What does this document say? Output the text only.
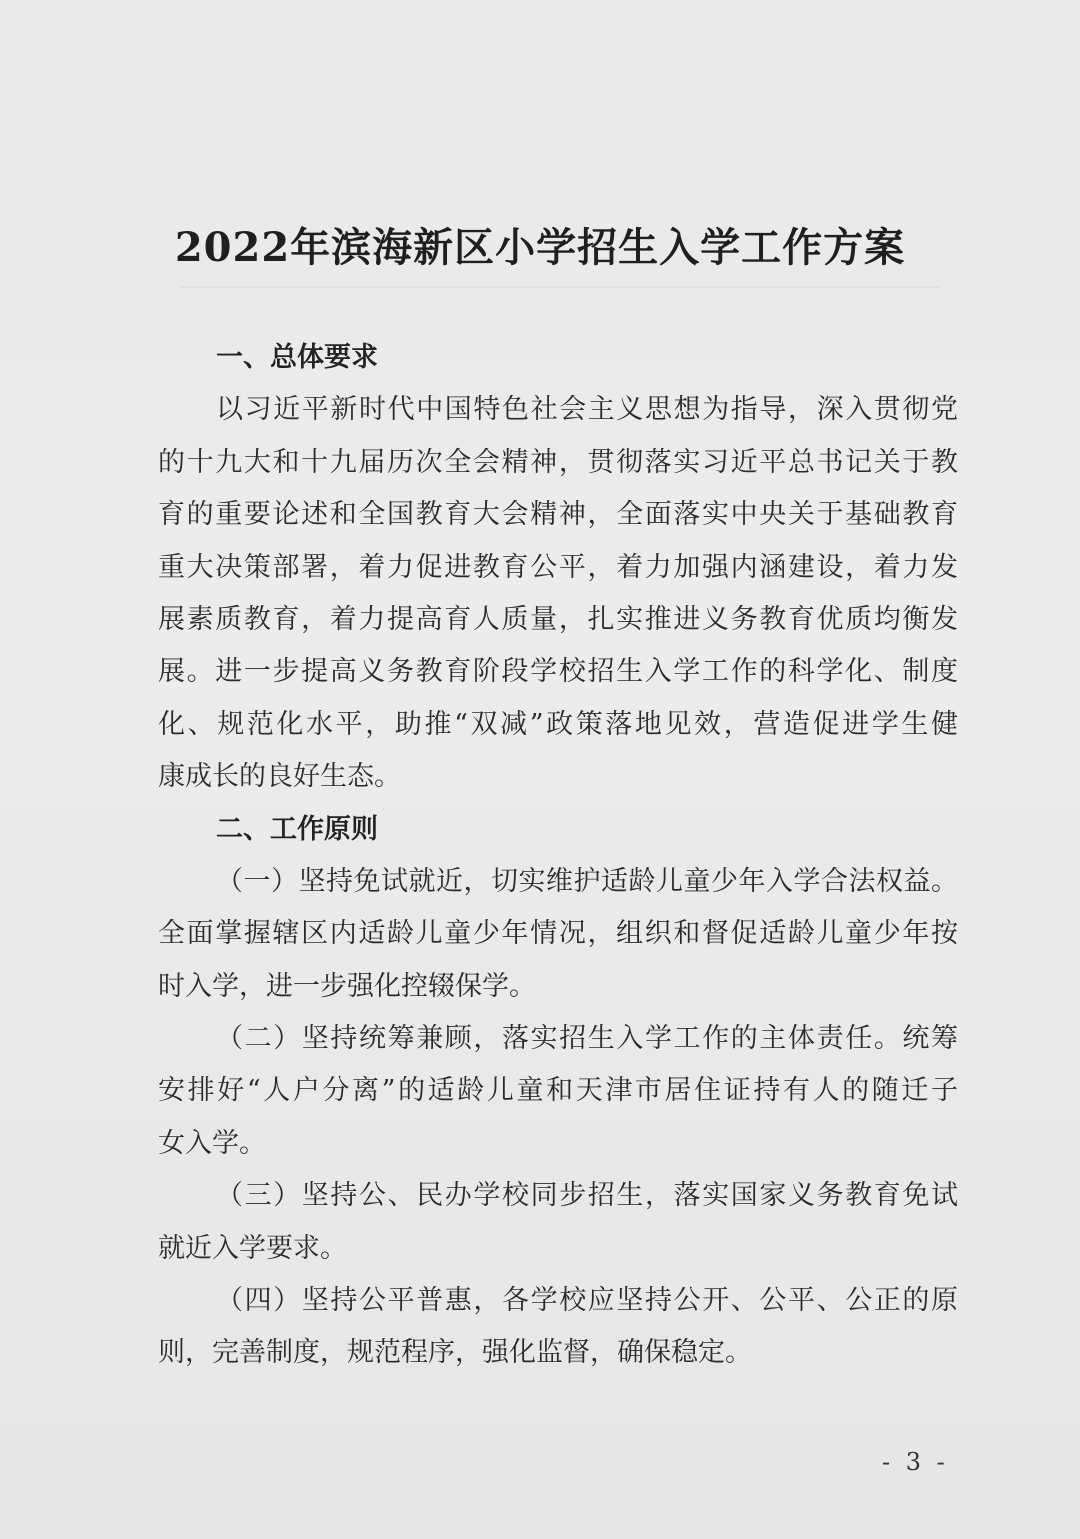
2022年滨海新区小学招生入学工作方案
一、总体要求
以习近平新时代中国特色社会主义思想为指导，深入贯彻党
的十九大和十九届历次全会精神，贯彻落实习近平总书记关于教
育的重要论述和全国教育大会精神，全面落实中央关于基础教育
重大决策部署，着力促进教育公平，着力加强内涵建设，着力发
展素质教育，着力提高育人质量，扎实推进义务教育优质均衡发
展。进一步提高义务教育阶段学校招生入学工作的科学化、制度
化、规范化水平，助推“双减”政策落地见效，营造促进学生健
康成长的良好生态。
二、工作原则
（一）坚持免试就近，切实维护适龄儿童少年入学合法权益。
全面掌握辖区内适龄儿童少年情况，组织和督促适龄儿童少年按
时入学，进一步强化控辍保学。
（二）坚持统筹兼顾，落实招生入学工作的主体责任。统筹
安排好“人户分离”的适龄儿童和天津市居住证持有人的随迁子
女入学。
（三）坚持公、民办学校同步招生，落实国家义务教育免试
就近入学要求。
（四）坚持公平普惠，各学校应坚持公开、公平、公正的原
则，完善制度，规范程序，强化监督，确保稳定。
- 3 -
